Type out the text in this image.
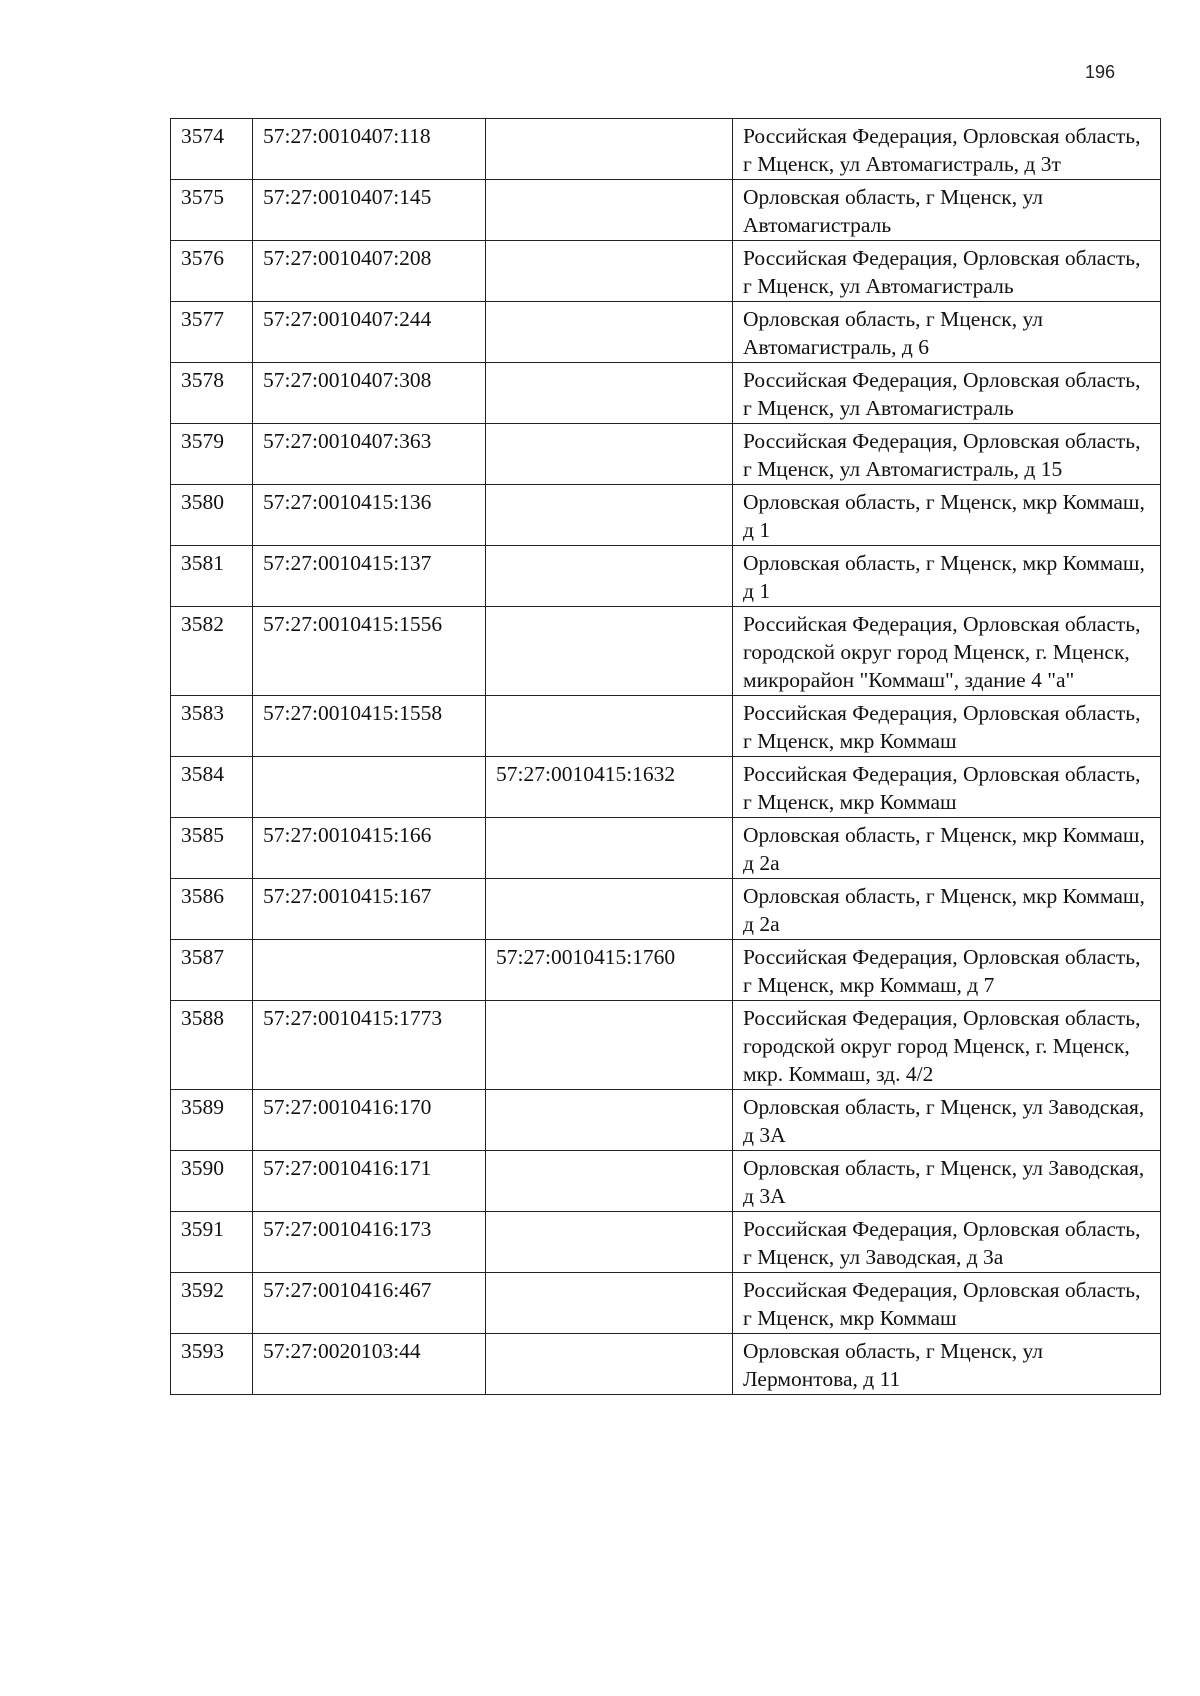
196
3574	57:27:0010407:118		Российская Федерация, Орловская область, г Мценск, ул Автомагистраль, д 3т
3575	57:27:0010407:145		Орловская область, г Мценск, ул Автомагистраль
3576	57:27:0010407:208		Российская Федерация, Орловская область, г Мценск, ул Автомагистраль
3577	57:27:0010407:244		Орловская область, г Мценск, ул Автомагистраль, д 6
3578	57:27:0010407:308		Российская Федерация, Орловская область, г Мценск, ул Автомагистраль
3579	57:27:0010407:363		Российская Федерация, Орловская область, г Мценск, ул Автомагистраль, д 15
3580	57:27:0010415:136		Орловская область, г Мценск, мкр Коммаш, д 1
3581	57:27:0010415:137		Орловская область, г Мценск, мкр Коммаш, д 1
3582	57:27:0010415:1556		Российская Федерация, Орловская область, городской округ город Мценск, г. Мценск, микрорайон "Коммаш", здание 4 "а"
3583	57:27:0010415:1558		Российская Федерация, Орловская область, г Мценск, мкр Коммаш
3584		57:27:0010415:1632	Российская Федерация, Орловская область, г Мценск, мкр Коммаш
3585	57:27:0010415:166		Орловская область, г Мценск, мкр Коммаш, д 2а
3586	57:27:0010415:167		Орловская область, г Мценск, мкр Коммаш, д 2а
3587		57:27:0010415:1760	Российская Федерация, Орловская область, г Мценск, мкр Коммаш, д 7
3588	57:27:0010415:1773		Российская Федерация, Орловская область, городской округ город Мценск, г. Мценск, мкр. Коммаш, зд. 4/2
3589	57:27:0010416:170		Орловская область, г Мценск, ул Заводская, д 3А
3590	57:27:0010416:171		Орловская область, г Мценск, ул Заводская, д 3А
3591	57:27:0010416:173		Российская Федерация, Орловская область, г Мценск, ул Заводская, д 3а
3592	57:27:0010416:467		Российская Федерация, Орловская область, г Мценск, мкр Коммаш
3593	57:27:0020103:44		Орловская область, г Мценск, ул Лермонтова, д 11
